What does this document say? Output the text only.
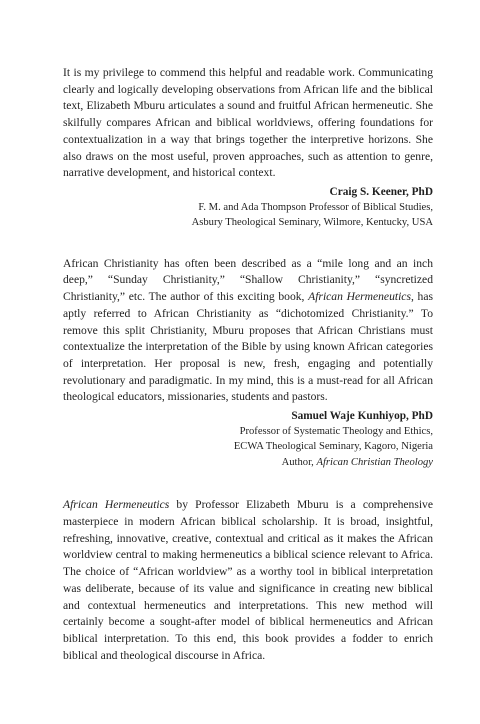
It is my privilege to commend this helpful and readable work. Communicating clearly and logically developing observations from African life and the biblical text, Elizabeth Mburu articulates a sound and fruitful African hermeneutic. She skilfully compares African and biblical worldviews, offering foundations for contextualization in a way that brings together the interpretive horizons. She also draws on the most useful, proven approaches, such as attention to genre, narrative development, and historical context.

Craig S. Keener, PhD
F. M. and Ada Thompson Professor of Biblical Studies,
Asbury Theological Seminary, Wilmore, Kentucky, USA

African Christianity has often been described as a “mile long and an inch deep,” “Sunday Christianity,” “Shallow Christianity,” “syncretized Christianity,” etc. The author of this exciting book, African Hermeneutics, has aptly referred to African Christianity as “dichotomized Christianity.” To remove this split Christianity, Mburu proposes that African Christians must contextualize the interpretation of the Bible by using known African categories of interpretation. Her proposal is new, fresh, engaging and potentially revolutionary and paradigmatic. In my mind, this is a must-read for all African theological educators, missionaries, students and pastors.

Samuel Waje Kunhiyop, PhD
Professor of Systematic Theology and Ethics,
ECWA Theological Seminary, Kagoro, Nigeria
Author, African Christian Theology

African Hermeneutics by Professor Elizabeth Mburu is a comprehensive masterpiece in modern African biblical scholarship. It is broad, insightful, refreshing, innovative, creative, contextual and critical as it makes the African worldview central to making hermeneutics a biblical science relevant to Africa. The choice of “African worldview” as a worthy tool in biblical interpretation was deliberate, because of its value and significance in creating new biblical and contextual hermeneutics and interpretations. This new method will certainly become a sought-after model of biblical hermeneutics and African biblical interpretation. To this end, this book provides a fodder to enrich biblical and theological discourse in Africa.
